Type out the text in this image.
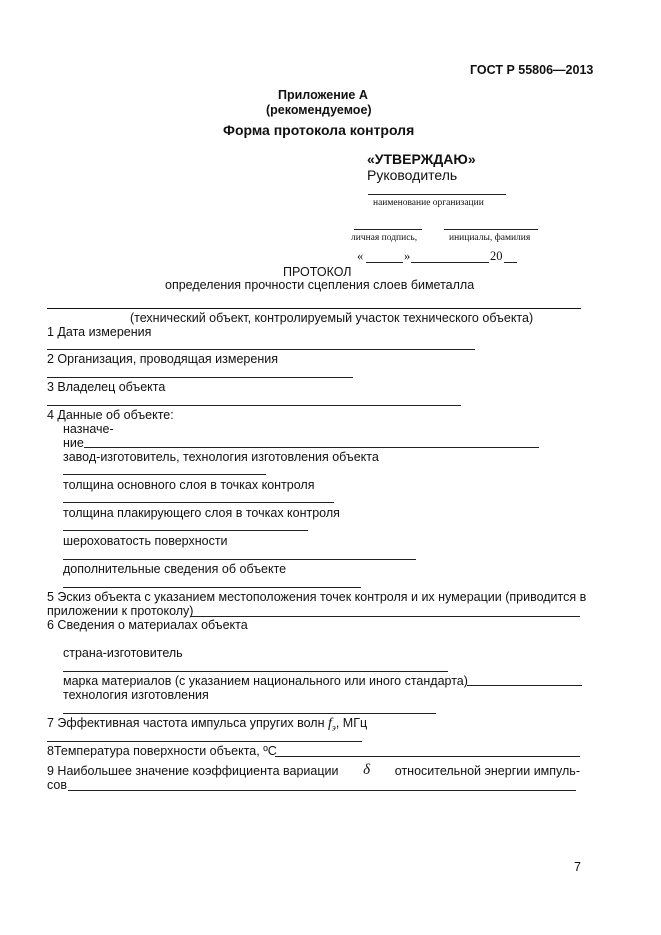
ГОСТ Р 55806—2013
Приложение А
(рекомендуемое)
Форма протокола контроля
«УТВЕРЖДАЮ»
Руководитель
наименование организации
личная подпись,	инициалы, фамилия
«	»	20
ПРОТОКОЛ
определения прочности сцепления слоев биметалла
(технический объект, контролируемый участок технического объекта)
1 Дата измерения
2 Организация, проводящая измерения
3 Владелец объекта
4 Данные об объекте:
назначе-
ние
завод-изготовитель, технология изготовления объекта
толщина основного слоя в точках контроля
толщина плакирующего слоя в точках контроля
шероховатость поверхности
дополнительные сведения об объекте
5 Эскиз объекта с указанием местоположения точек контроля и их нумерации (приводится в
приложении к протоколу)
6 Сведения о материалах объекта
страна-изготовитель
марка материалов (с указанием национального или иного стандарта)
технология изготовления
7 Эффективная частота импульса упругих волн $f_э$, МГц
8Температура поверхности объекта, ºС
9 Наибольшее значение коэффициента вариации δ относительной энергии импуль-
сов
7
